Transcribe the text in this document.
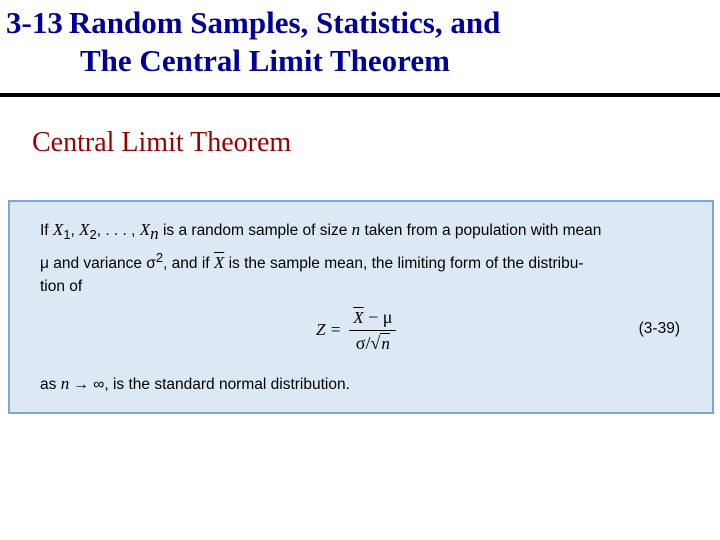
3-13 Random Samples, Statistics, and
The Central Limit Theorem
Central Limit Theorem
If $X_1$, $X_2$, . . . , $X_n$ is a random sample of size n taken from a population with mean
μ and variance $\sigma^2$, and if $\overline{X}$ is the sample mean, the limiting form of the distribu-
tion of
$Z = \frac{\overline{X} - \mu}{\sigma/√n}$	(3-39)
as n → ∞, is the standard normal distribution.
